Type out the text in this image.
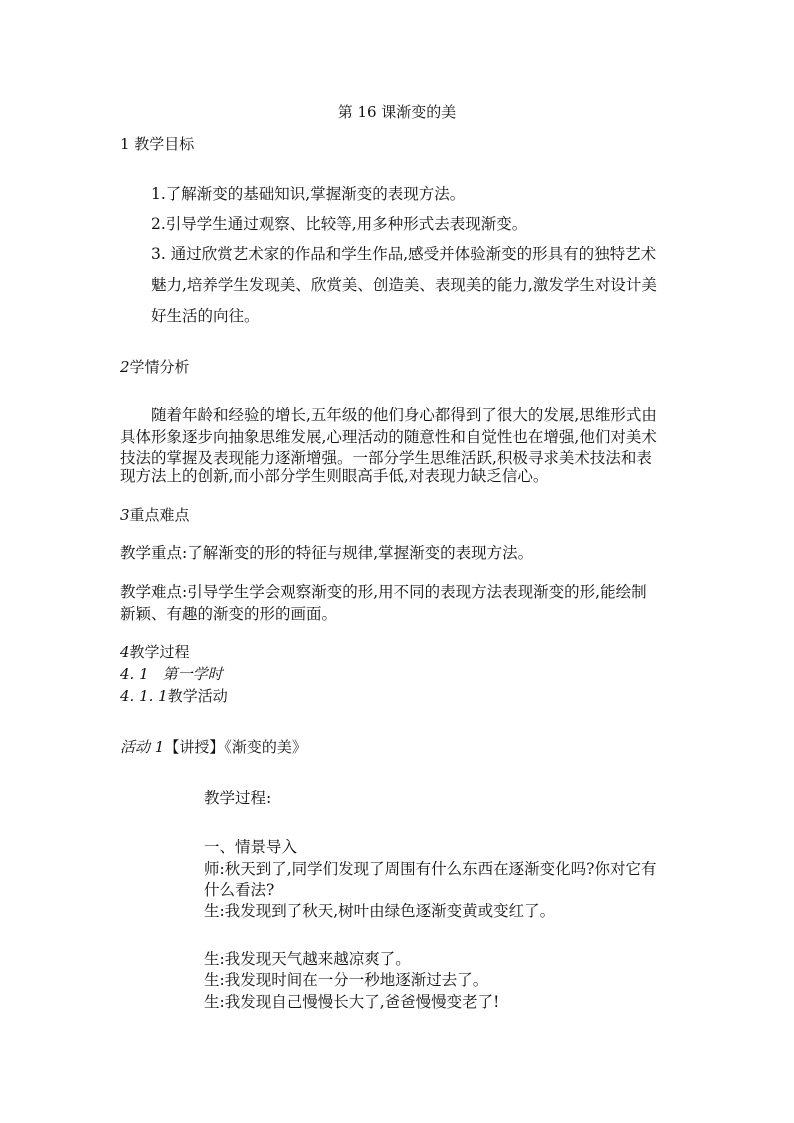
第 16 课渐变的美
1 教学目标
1.了解渐变的基础知识,掌握渐变的表现方法。
2.引导学生通过观察、比较等,用多种形式去表现渐变。
3. 通过欣赏艺术家的作品和学生作品,感受并体验渐变的形具有的独特艺术
魅力,培养学生发现美、欣赏美、创造美、表现美的能力,激发学生对设计美
好生活的向往。
2学情分析
随着年龄和经验的增长,五年级的他们身心都得到了很大的发展,思维形式由
具体形象逐步向抽象思维发展,心理活动的随意性和自觉性也在增强,他们对美术
技法的掌握及表现能力逐渐增强。一部分学生思维活跃,积极寻求美术技法和表
现方法上的创新,而小部分学生则眼高手低,对表现力缺乏信心。
3重点难点
教学重点:了解渐变的形的特征与规律,掌握渐变的表现方法。
教学难点:引导学生学会观察渐变的形,用不同的表现方法表现渐变的形,能绘制
新颖、有趣的渐变的形的画面。
4教学过程
4. 1 第一学时
4. 1. 1教学活动
活动 1【讲授】《渐变的美》
教学过程:
一、情景导入
师:秋天到了,同学们发现了周围有什么东西在逐渐变化吗?你对它有
什么看法?
生:我发现到了秋天,树叶由绿色逐渐变黄或变红了。
生:我发现天气越来越凉爽了。
生:我发现时间在一分一秒地逐渐过去了。
生:我发现自己慢慢长大了,爸爸慢慢变老了!
